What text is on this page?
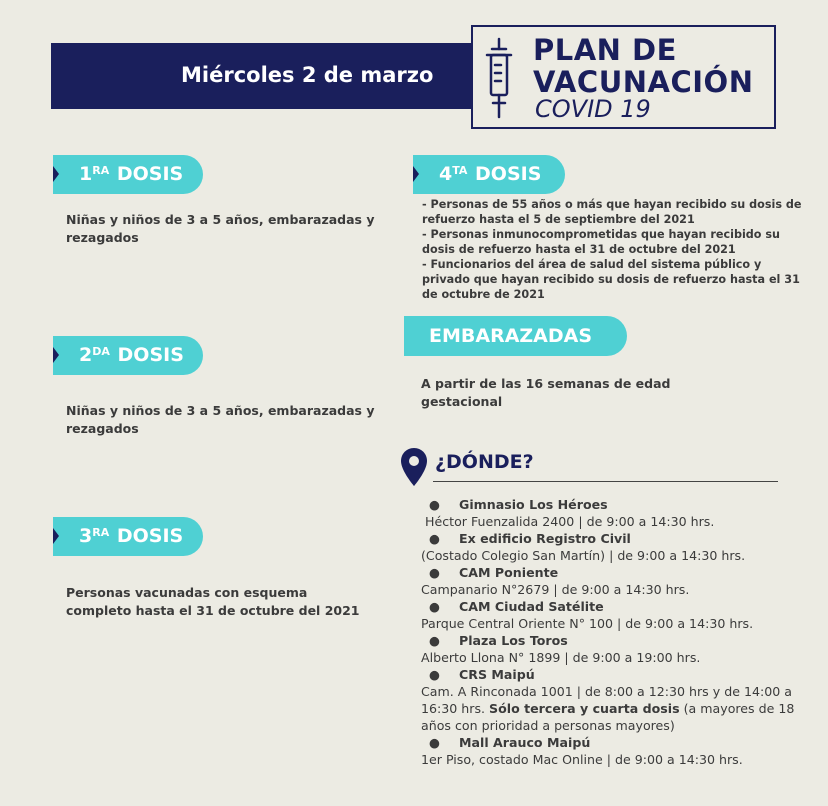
Miércoles 2 de marzo
PLAN DE
VACUNACIÓN
COVID 19
$1^{RA}$ DOSIS
Niñas y niños de 3 a 5 años, embarazadas y rezagados
$2^{DA}$ DOSIS
Niñas y niños de 3 a 5 años, embarazadas y rezagados
$3^{RA}$ DOSIS
Personas vacunadas con esquema completo hasta el 31 de octubre del 2021
$4^{TA}$ DOSIS
- Personas de 55 años o más que hayan recibido su dosis de refuerzo hasta el 5 de septiembre del 2021
- Personas inmunocomprometidas que hayan recibido su dosis de refuerzo hasta el 31 de octubre del 2021
- Funcionarios del área de salud del sistema público y privado que hayan recibido su dosis de refuerzo hasta el 31 de octubre de 2021
EMBARAZADAS
A partir de las 16 semanas de edad gestacional
¿DÓNDE?
● Gimnasio Los Héroes
Héctor Fuenzalida 2400 | de 9:00 a 14:30 hrs.
● Ex edificio Registro Civil
(Costado Colegio San Martín) | de 9:00 a 14:30 hrs.
● CAM Poniente
Campanario N°2679 | de 9:00 a 14:30 hrs.
● CAM Ciudad Satélite
Parque Central Oriente N° 100 | de 9:00 a 14:30 hrs.
● Plaza Los Toros
Alberto Llona N° 1899 | de 9:00 a 19:00 hrs.
● CRS Maipú
Cam. A Rinconada 1001 | de 8:00 a 12:30 hrs y de 14:00 a 16:30 hrs. Sólo tercera y cuarta dosis (a mayores de 18 años con prioridad a personas mayores)
● Mall Arauco Maipú
1er Piso, costado Mac Online | de 9:00 a 14:30 hrs.
